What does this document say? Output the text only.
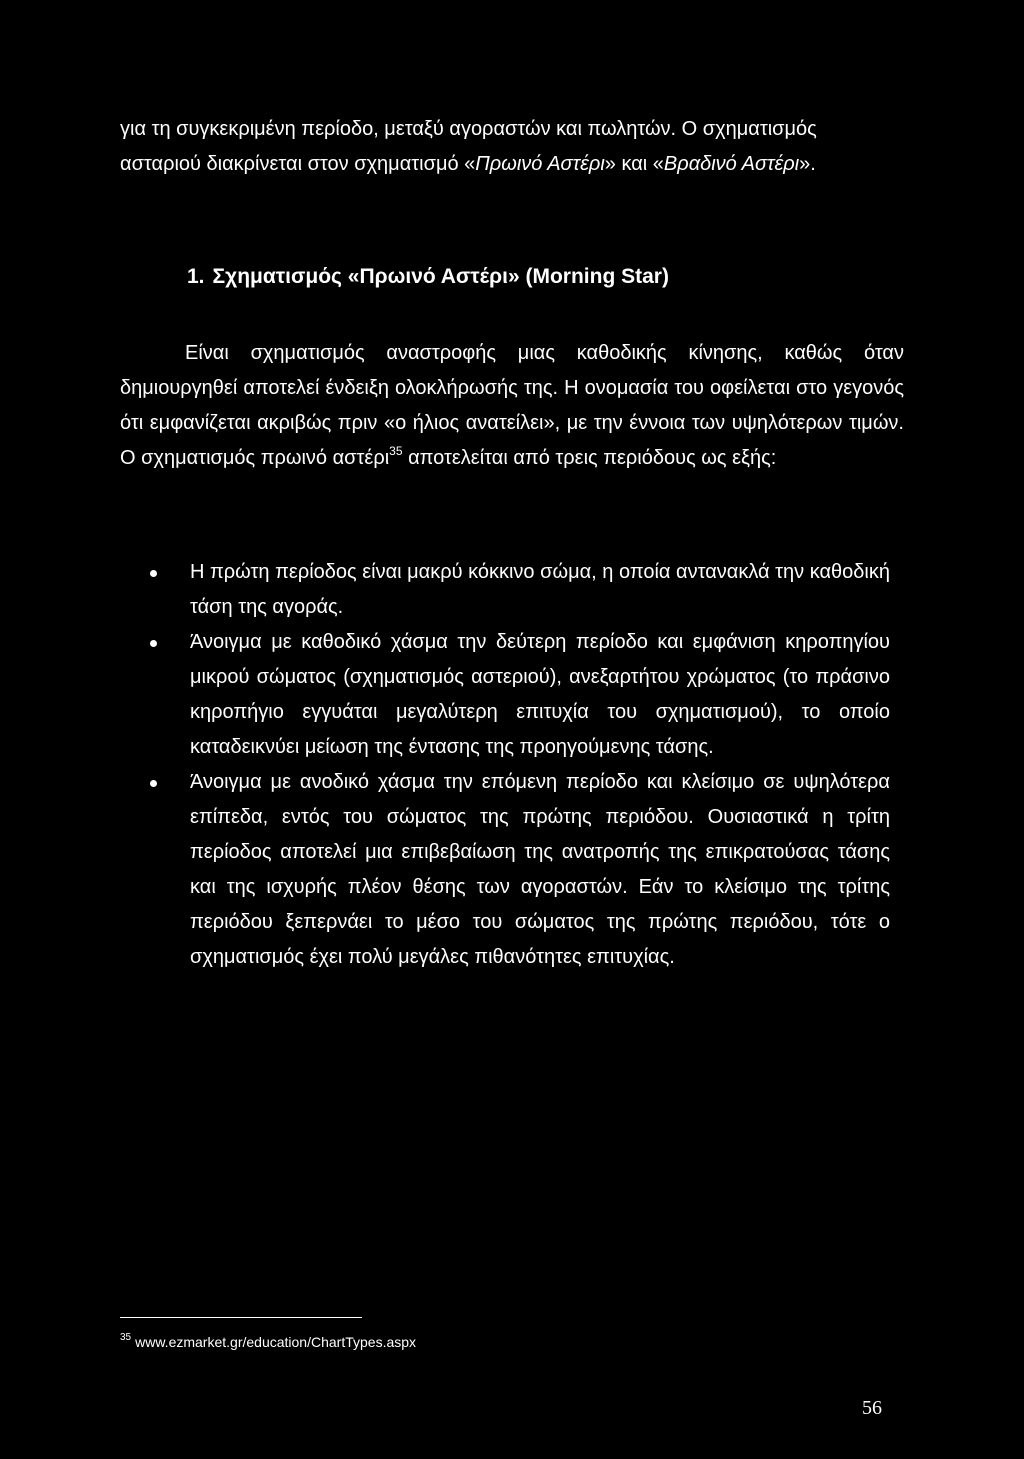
για τη συγκεκριμένη περίοδο, μεταξύ αγοραστών και πωλητών. Ο σχηματισμός

ασταριού διακρίνεται στον σχηματισμό «Πρωινό Αστέρι» και «Βραδινό Αστέρι».

1. Σχηματισμός «Πρωινό Αστέρι» (Morning Star)

Είναι σχηματισμός αναστροφής μιας καθοδικής κίνησης, καθώς όταν δημιουργηθεί αποτελεί ένδειξη ολοκλήρωσής της. Η ονομασία του οφείλεται στο γεγονός ότι εμφανίζεται ακριβώς πριν «ο ήλιος ανατείλει», με την έννοια των υψηλότερων τιμών. Ο σχηματισμός πρωινό αστέρι$^{35}$ αποτελείται από τρεις περιόδους ως εξής:

Η πρώτη περίοδος είναι μακρύ κόκκινο σώμα, η οποία αντανακλά την καθοδική τάση της αγοράς.
Άνοιγμα με καθοδικό χάσμα την δεύτερη περίοδο και εμφάνιση κηροπηγίου μικρού σώματος (σχηματισμός αστεριού), ανεξαρτήτου χρώματος (το πράσινο κηροπήγιο εγγυάται μεγαλύτερη επιτυχία του σχηματισμού), το οποίο καταδεικνύει μείωση της έντασης της προηγούμενης τάσης.
Άνοιγμα με ανοδικό χάσμα την επόμενη περίοδο και κλείσιμο σε υψηλότερα επίπεδα, εντός του σώματος της πρώτης περιόδου. Ουσιαστικά η τρίτη περίοδος αποτελεί μια επιβεβαίωση της ανατροπής της επικρατούσας τάσης και της ισχυρής πλέον θέσης των αγοραστών. Εάν το κλείσιμο της τρίτης περιόδου ξεπερνάει το μέσο του σώματος της πρώτης περιόδου, τότε ο σχηματισμός έχει πολύ μεγάλες πιθανότητες επιτυχίας.
$^{35}$ www.ezmarket.gr/education/ChartTypes.aspx
56
